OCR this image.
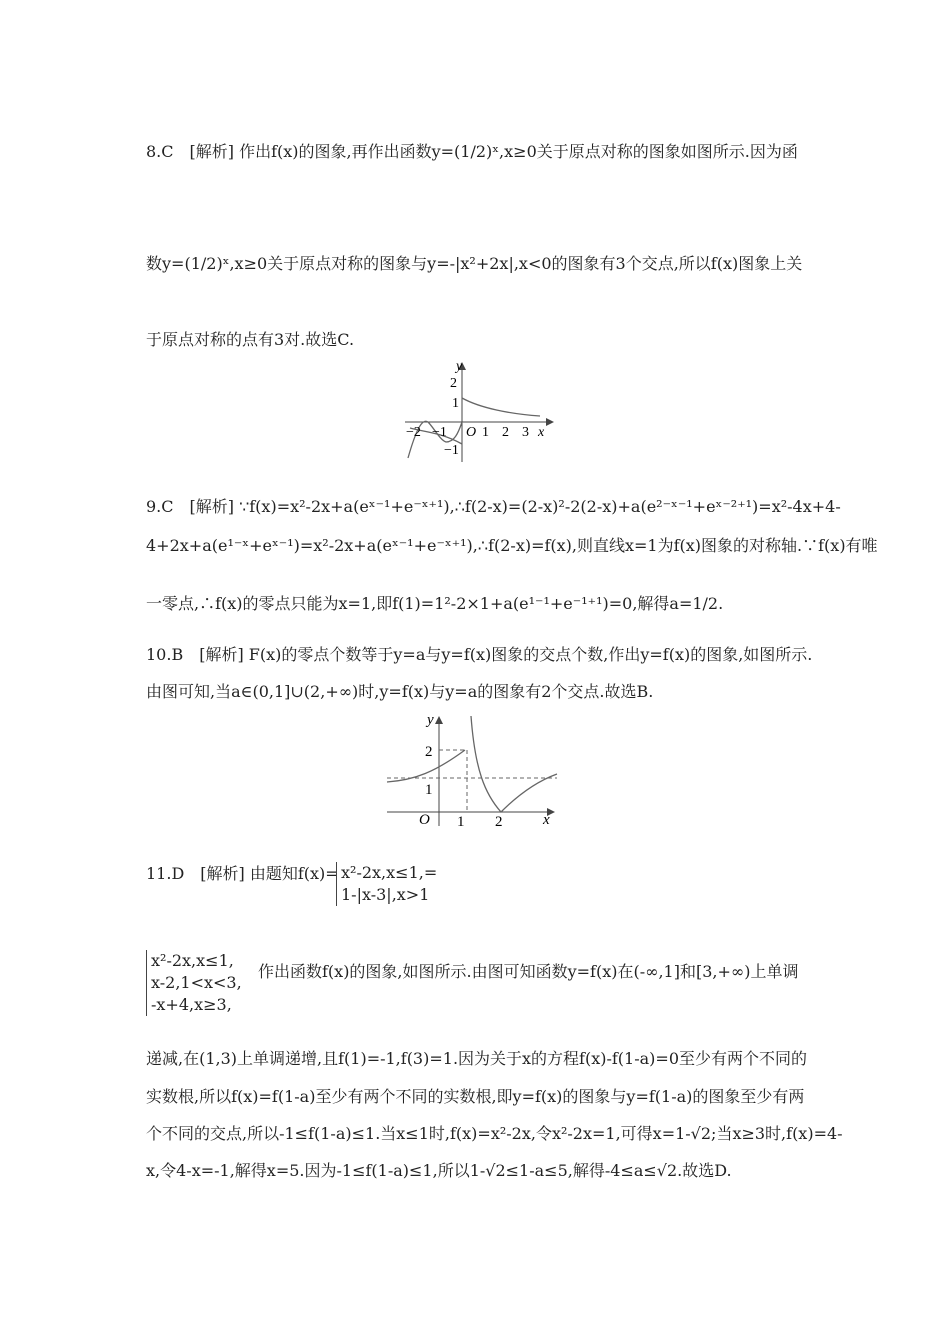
8.C　[解析] 作出f(x)的图象,再作出函数y=(1/2)ˣ,x≥0关于原点对称的图象如图所示.因为函
数y=(1/2)ˣ,x≥0关于原点对称的图象与y=-|x²+2x|,x<0的图象有3个交点,所以f(x)图象上关
于原点对称的点有3对.故选C.
y
x
O
2
1
−1
−2 −1	1 2 3
9.C　[解析] ∵f(x)=x²-2x+a(eˣ⁻¹+e⁻ˣ⁺¹),∴f(2-x)=(2-x)²-2(2-x)+a(e²⁻ˣ⁻¹+eˣ⁻²⁺¹)=x²-4x+4-
4+2x+a(e¹⁻ˣ+eˣ⁻¹)=x²-2x+a(eˣ⁻¹+e⁻ˣ⁺¹),∴f(2-x)=f(x),则直线x=1为f(x)图象的对称轴.∵f(x)有唯
一零点,∴f(x)的零点只能为x=1,即f(1)=1²-2×1+a(e¹⁻¹+e⁻¹⁺¹)=0,解得a=1/2.
10.B　[解析] F(x)的零点个数等于y=a与y=f(x)图象的交点个数,作出y=f(x)的图象,如图所示.
由图可知,当a∈(0,1]∪(2,+∞)时,y=f(x)与y=a的图象有2个交点.故选B.
y
x
O
2
1
1 2
11.D　[解析] 由题知f(x)= x²-2x,x≤1,=
1-|x-3|,x>1
x²-2x,x≤1,
x-2,1<x<3,
-x+4,x≥3,
作出函数f(x)的图象,如图所示.由图可知函数y=f(x)在(-∞,1]和[3,+∞)上单调
递减,在(1,3)上单调递增,且f(1)=-1,f(3)=1.因为关于x的方程f(x)-f(1-a)=0至少有两个不同的
实数根,所以f(x)=f(1-a)至少有两个不同的实数根,即y=f(x)的图象与y=f(1-a)的图象至少有两
个不同的交点,所以-1≤f(1-a)≤1.当x≤1时,f(x)=x²-2x,令x²-2x=1,可得x=1-√2;当x≥3时,f(x)=4-
x,令4-x=-1,解得x=5.因为-1≤f(1-a)≤1,所以1-√2≤1-a≤5,解得-4≤a≤√2.故选D.
